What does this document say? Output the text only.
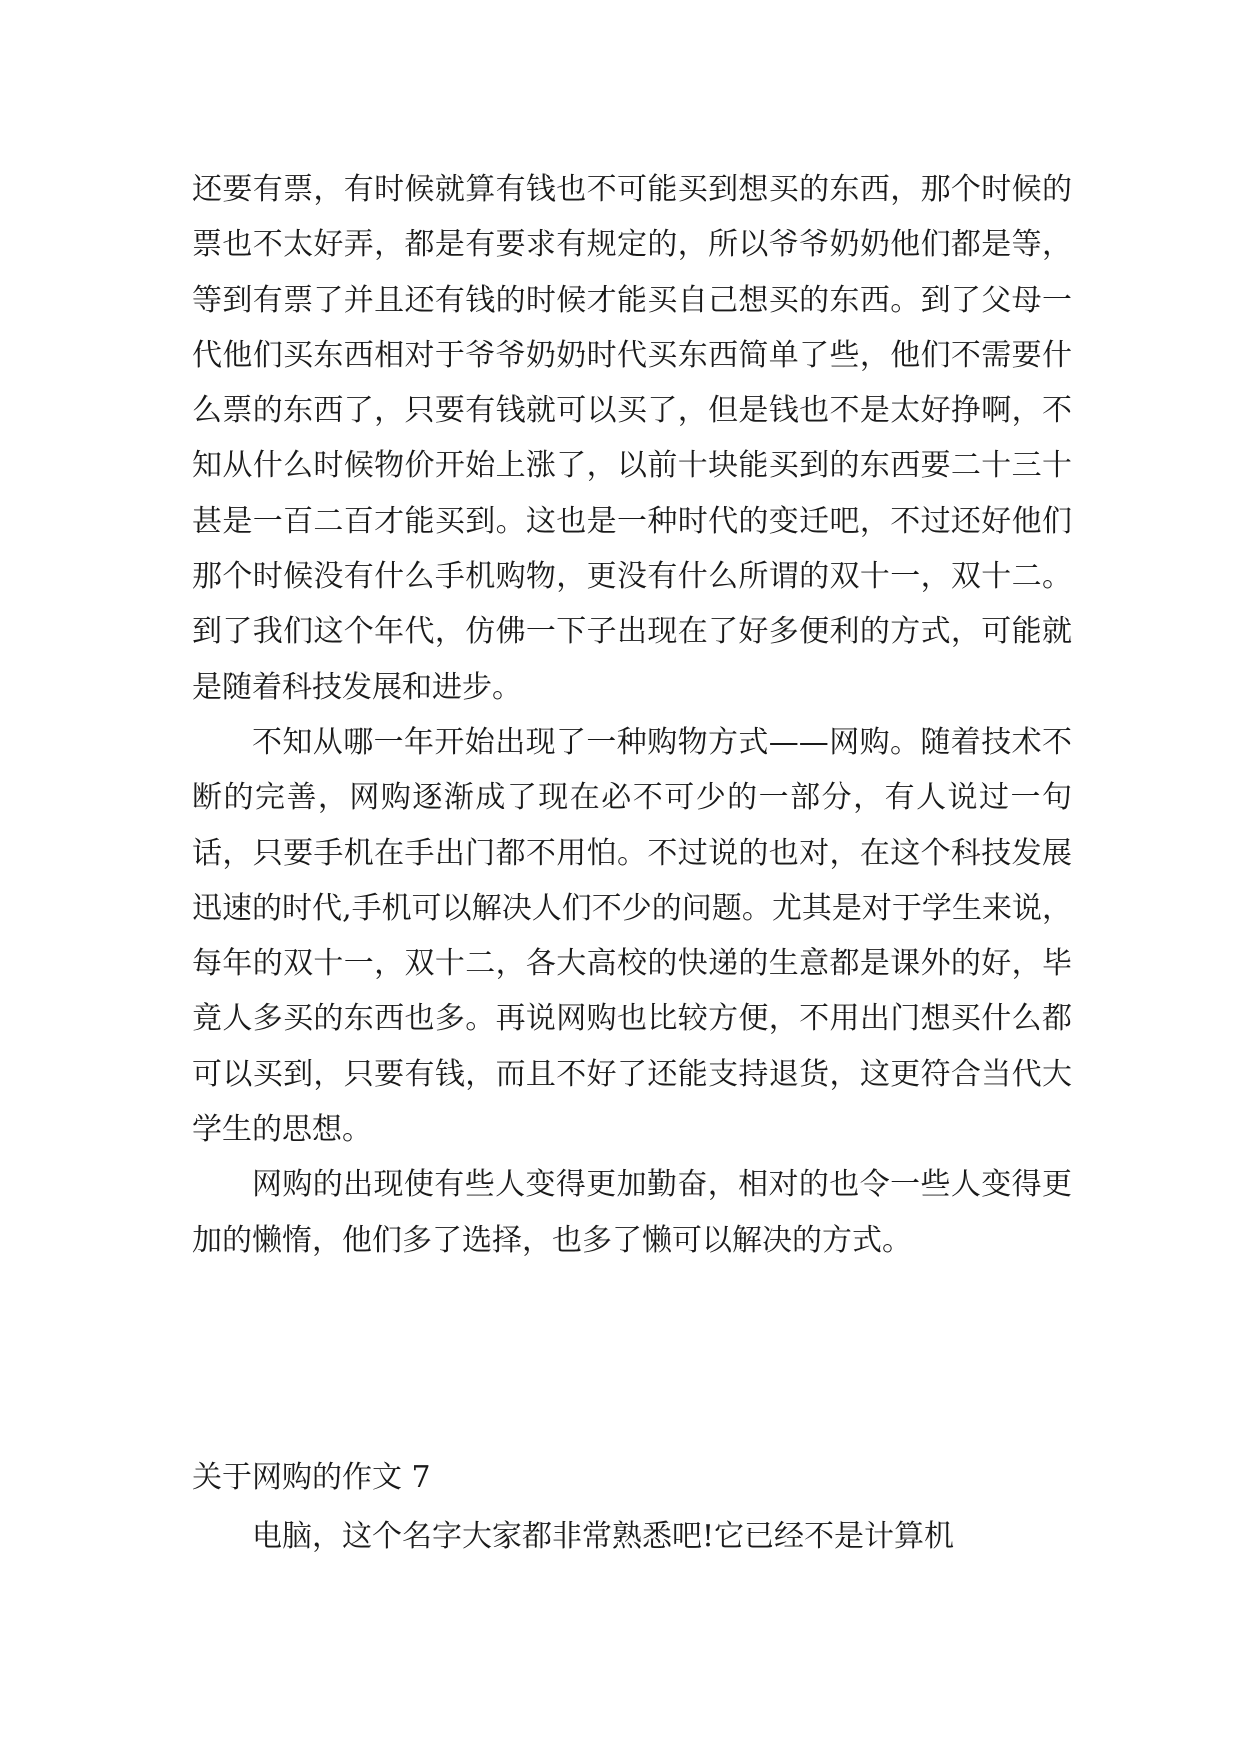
还要有票，有时候就算有钱也不可能买到想买的东西，那个时候的票也不太好弄，都是有要求有规定的，所以爷爷奶奶他们都是等，等到有票了并且还有钱的时候才能买自己想买的东西。到了父母一代他们买东西相对于爷爷奶奶时代买东西简单了些，他们不需要什么票的东西了，只要有钱就可以买了，但是钱也不是太好挣啊，不知从什么时候物价开始上涨了，以前十块能买到的东西要二十三十甚是一百二百才能买到。这也是一种时代的变迁吧，不过还好他们那个时候没有什么手机购物，更没有什么所谓的双十一，双十二。到了我们这个年代，仿佛一下子出现在了好多便利的方式，可能就是随着科技发展和进步。

不知从哪一年开始出现了一种购物方式——网购。随着技术不断的完善，网购逐渐成了现在必不可少的一部分，有人说过一句话，只要手机在手出门都不用怕。不过说的也对，在这个科技发展迅速的时代,手机可以解决人们不少的问题。尤其是对于学生来说，每年的双十一，双十二，各大高校的快递的生意都是课外的好，毕竟人多买的东西也多。再说网购也比较方便，不用出门想买什么都可以买到，只要有钱，而且不好了还能支持退货，这更符合当代大学生的思想。

网购的出现使有些人变得更加勤奋，相对的也令一些人变得更加的懒惰，他们多了选择，也多了懒可以解决的方式。

关于网购的作文 7

电脑，这个名字大家都非常熟悉吧!它已经不是计算机
